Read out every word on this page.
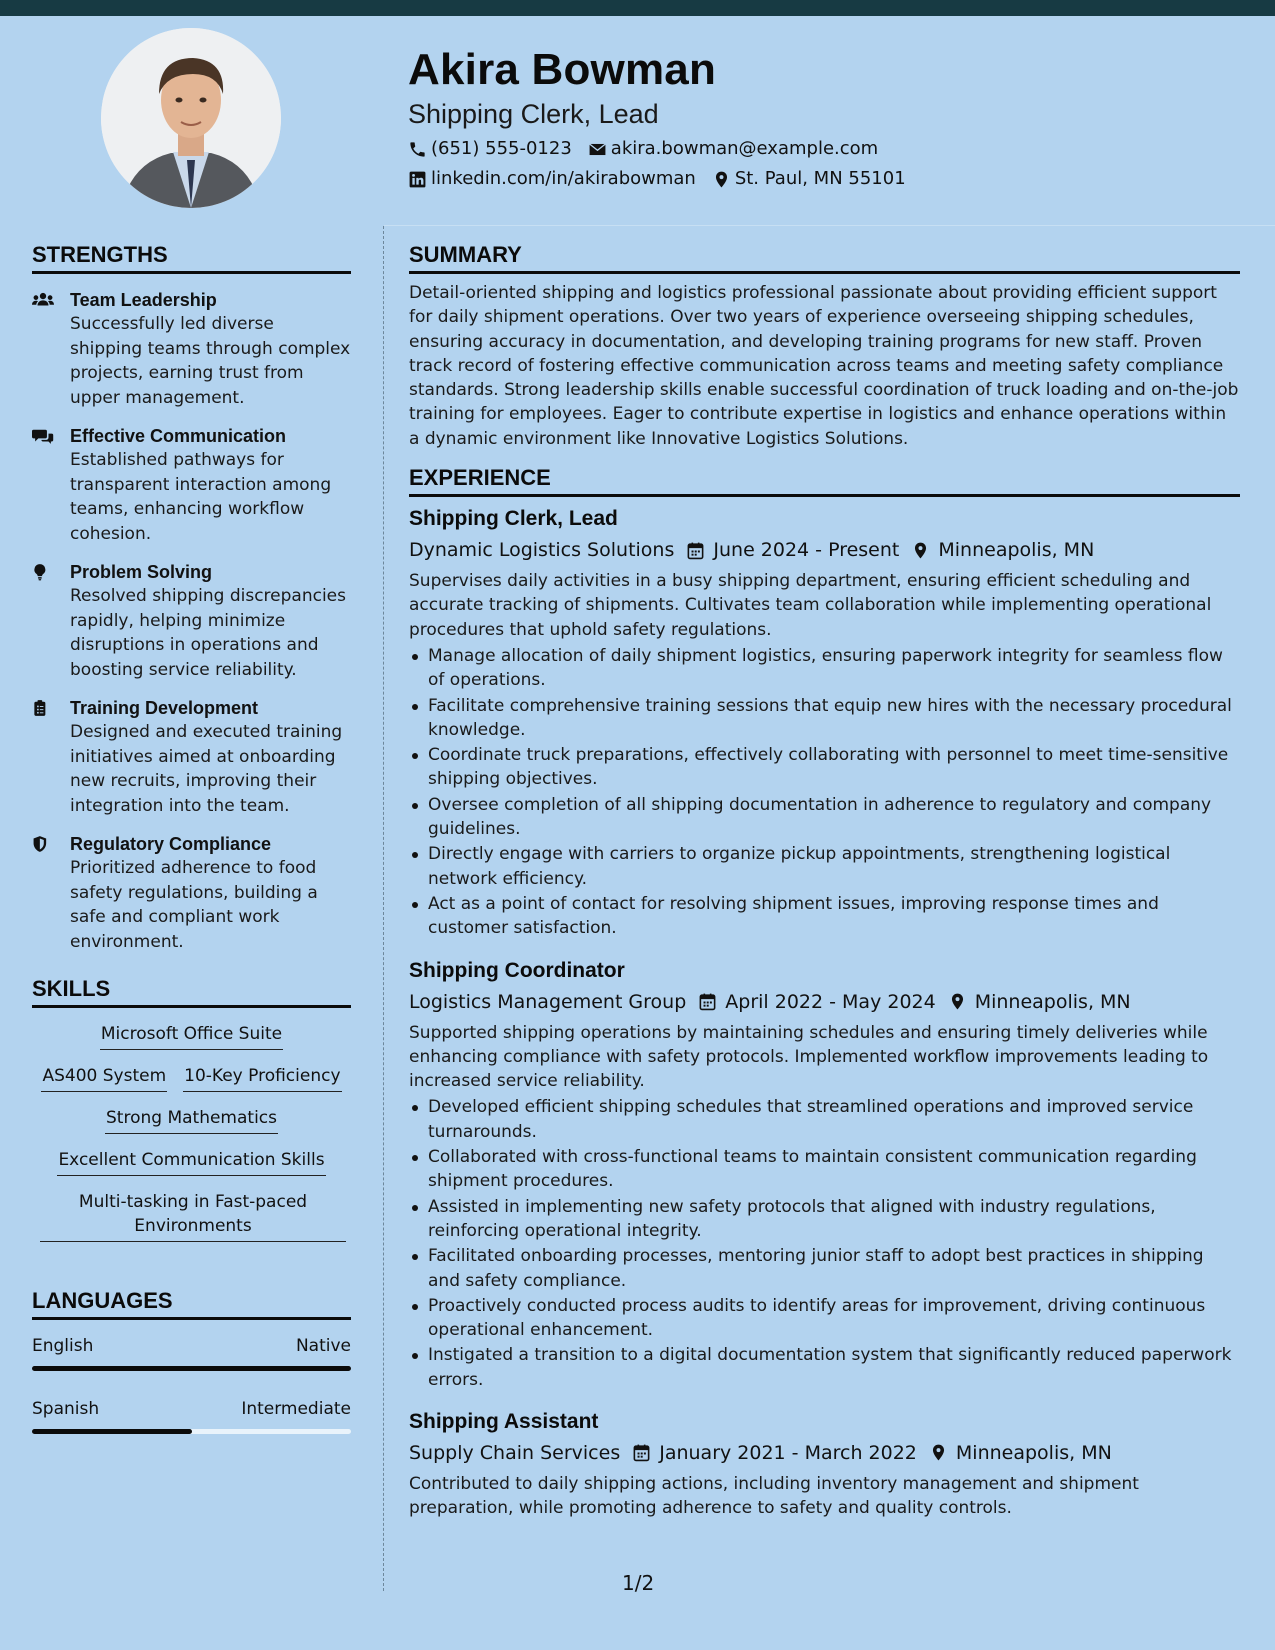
Akira Bowman
Shipping Clerk, Lead
(651) 555-0123 akira.bowman@example.com
linkedin.com/in/akirabowman St. Paul, MN 55101
STRENGTHS
Team Leadership
Successfully led diverse shipping teams through complex projects, earning trust from upper management.
Effective Communication
Established pathways for transparent interaction among teams, enhancing workflow cohesion.
Problem Solving
Resolved shipping discrepancies rapidly, helping minimize disruptions in operations and boosting service reliability.
Training Development
Designed and executed training initiatives aimed at onboarding new recruits, improving their integration into the team.
Regulatory Compliance
Prioritized adherence to food safety regulations, building a safe and compliant work environment.
SKILLS
Microsoft Office Suite
AS400 System 10-Key Proficiency
Strong Mathematics
Excellent Communication Skills
Multi-tasking in Fast-paced Environments
LANGUAGES
English	Native
Spanish	Intermediate
SUMMARY
Detail-oriented shipping and logistics professional passionate about providing efficient support for daily shipment operations. Over two years of experience overseeing shipping schedules, ensuring accuracy in documentation, and developing training programs for new staff. Proven track record of fostering effective communication across teams and meeting safety compliance standards. Strong leadership skills enable successful coordination of truck loading and on-the-job training for employees. Eager to contribute expertise in logistics and enhance operations within a dynamic environment like Innovative Logistics Solutions.
EXPERIENCE
Shipping Clerk, Lead
Dynamic Logistics Solutions June 2024 - Present Minneapolis, MN
Supervises daily activities in a busy shipping department, ensuring efficient scheduling and accurate tracking of shipments. Cultivates team collaboration while implementing operational procedures that uphold safety regulations.
Manage allocation of daily shipment logistics, ensuring paperwork integrity for seamless flow of operations.
Facilitate comprehensive training sessions that equip new hires with the necessary procedural knowledge.
Coordinate truck preparations, effectively collaborating with personnel to meet time-sensitive shipping objectives.
Oversee completion of all shipping documentation in adherence to regulatory and company guidelines.
Directly engage with carriers to organize pickup appointments, strengthening logistical network efficiency.
Act as a point of contact for resolving shipment issues, improving response times and customer satisfaction.
Shipping Coordinator
Logistics Management Group April 2022 - May 2024 Minneapolis, MN
Supported shipping operations by maintaining schedules and ensuring timely deliveries while enhancing compliance with safety protocols. Implemented workflow improvements leading to increased service reliability.
Developed efficient shipping schedules that streamlined operations and improved service turnarounds.
Collaborated with cross-functional teams to maintain consistent communication regarding shipment procedures.
Assisted in implementing new safety protocols that aligned with industry regulations, reinforcing operational integrity.
Facilitated onboarding processes, mentoring junior staff to adopt best practices in shipping and safety compliance.
Proactively conducted process audits to identify areas for improvement, driving continuous operational enhancement.
Instigated a transition to a digital documentation system that significantly reduced paperwork errors.
Shipping Assistant
Supply Chain Services January 2021 - March 2022 Minneapolis, MN
Contributed to daily shipping actions, including inventory management and shipment preparation, while promoting adherence to safety and quality controls.
1/2
